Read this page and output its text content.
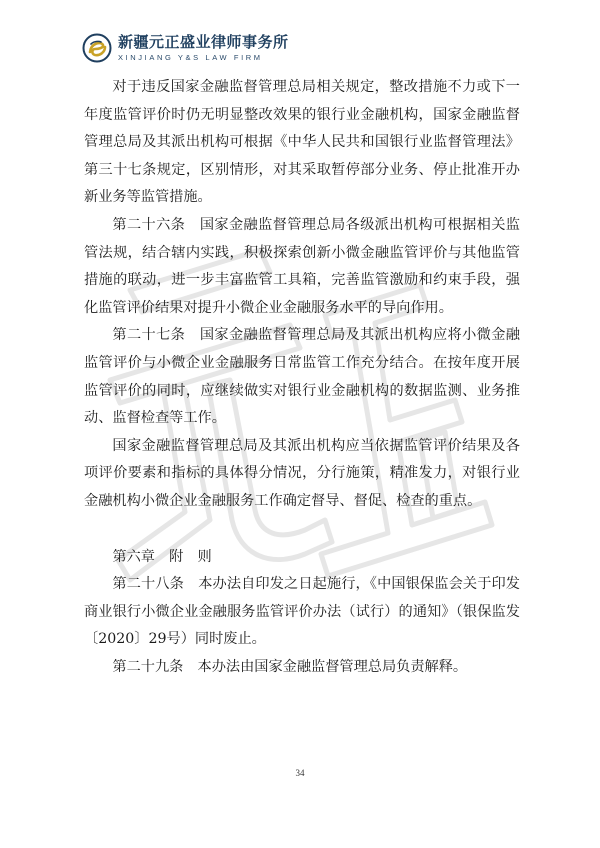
新疆元正盛业律师事务所
XINJIANG Y&S LAW FIRM

对于违反国家金融监督管理总局相关规定，整改措施不力或下一年度监管评价时仍无明显整改效果的银行业金融机构，国家金融监督管理总局及其派出机构可根据《中华人民共和国银行业监督管理法》第三十七条规定，区别情形，对其采取暂停部分业务、停止批准开办新业务等监管措施。

第二十六条　国家金融监督管理总局各级派出机构可根据相关监管法规，结合辖内实践，积极探索创新小微金融监管评价与其他监管措施的联动，进一步丰富监管工具箱，完善监管激励和约束手段，强化监管评价结果对提升小微企业金融服务水平的导向作用。

第二十七条　国家金融监督管理总局及其派出机构应将小微金融监管评价与小微企业金融服务日常监管工作充分结合。在按年度开展监管评价的同时，应继续做实对银行业金融机构的数据监测、业务推动、监督检查等工作。

国家金融监督管理总局及其派出机构应当依据监管评价结果及各项评价要素和指标的具体得分情况，分行施策，精准发力，对银行业金融机构小微企业金融服务工作确定督导、督促、检查的重点。

第六章　附　则

第二十八条　本办法自印发之日起施行，《中国银保监会关于印发商业银行小微企业金融服务监管评价办法（试行）的通知》（银保监发〔2020〕29号）同时废止。

第二十九条　本办法由国家金融监督管理总局负责解释。

34
